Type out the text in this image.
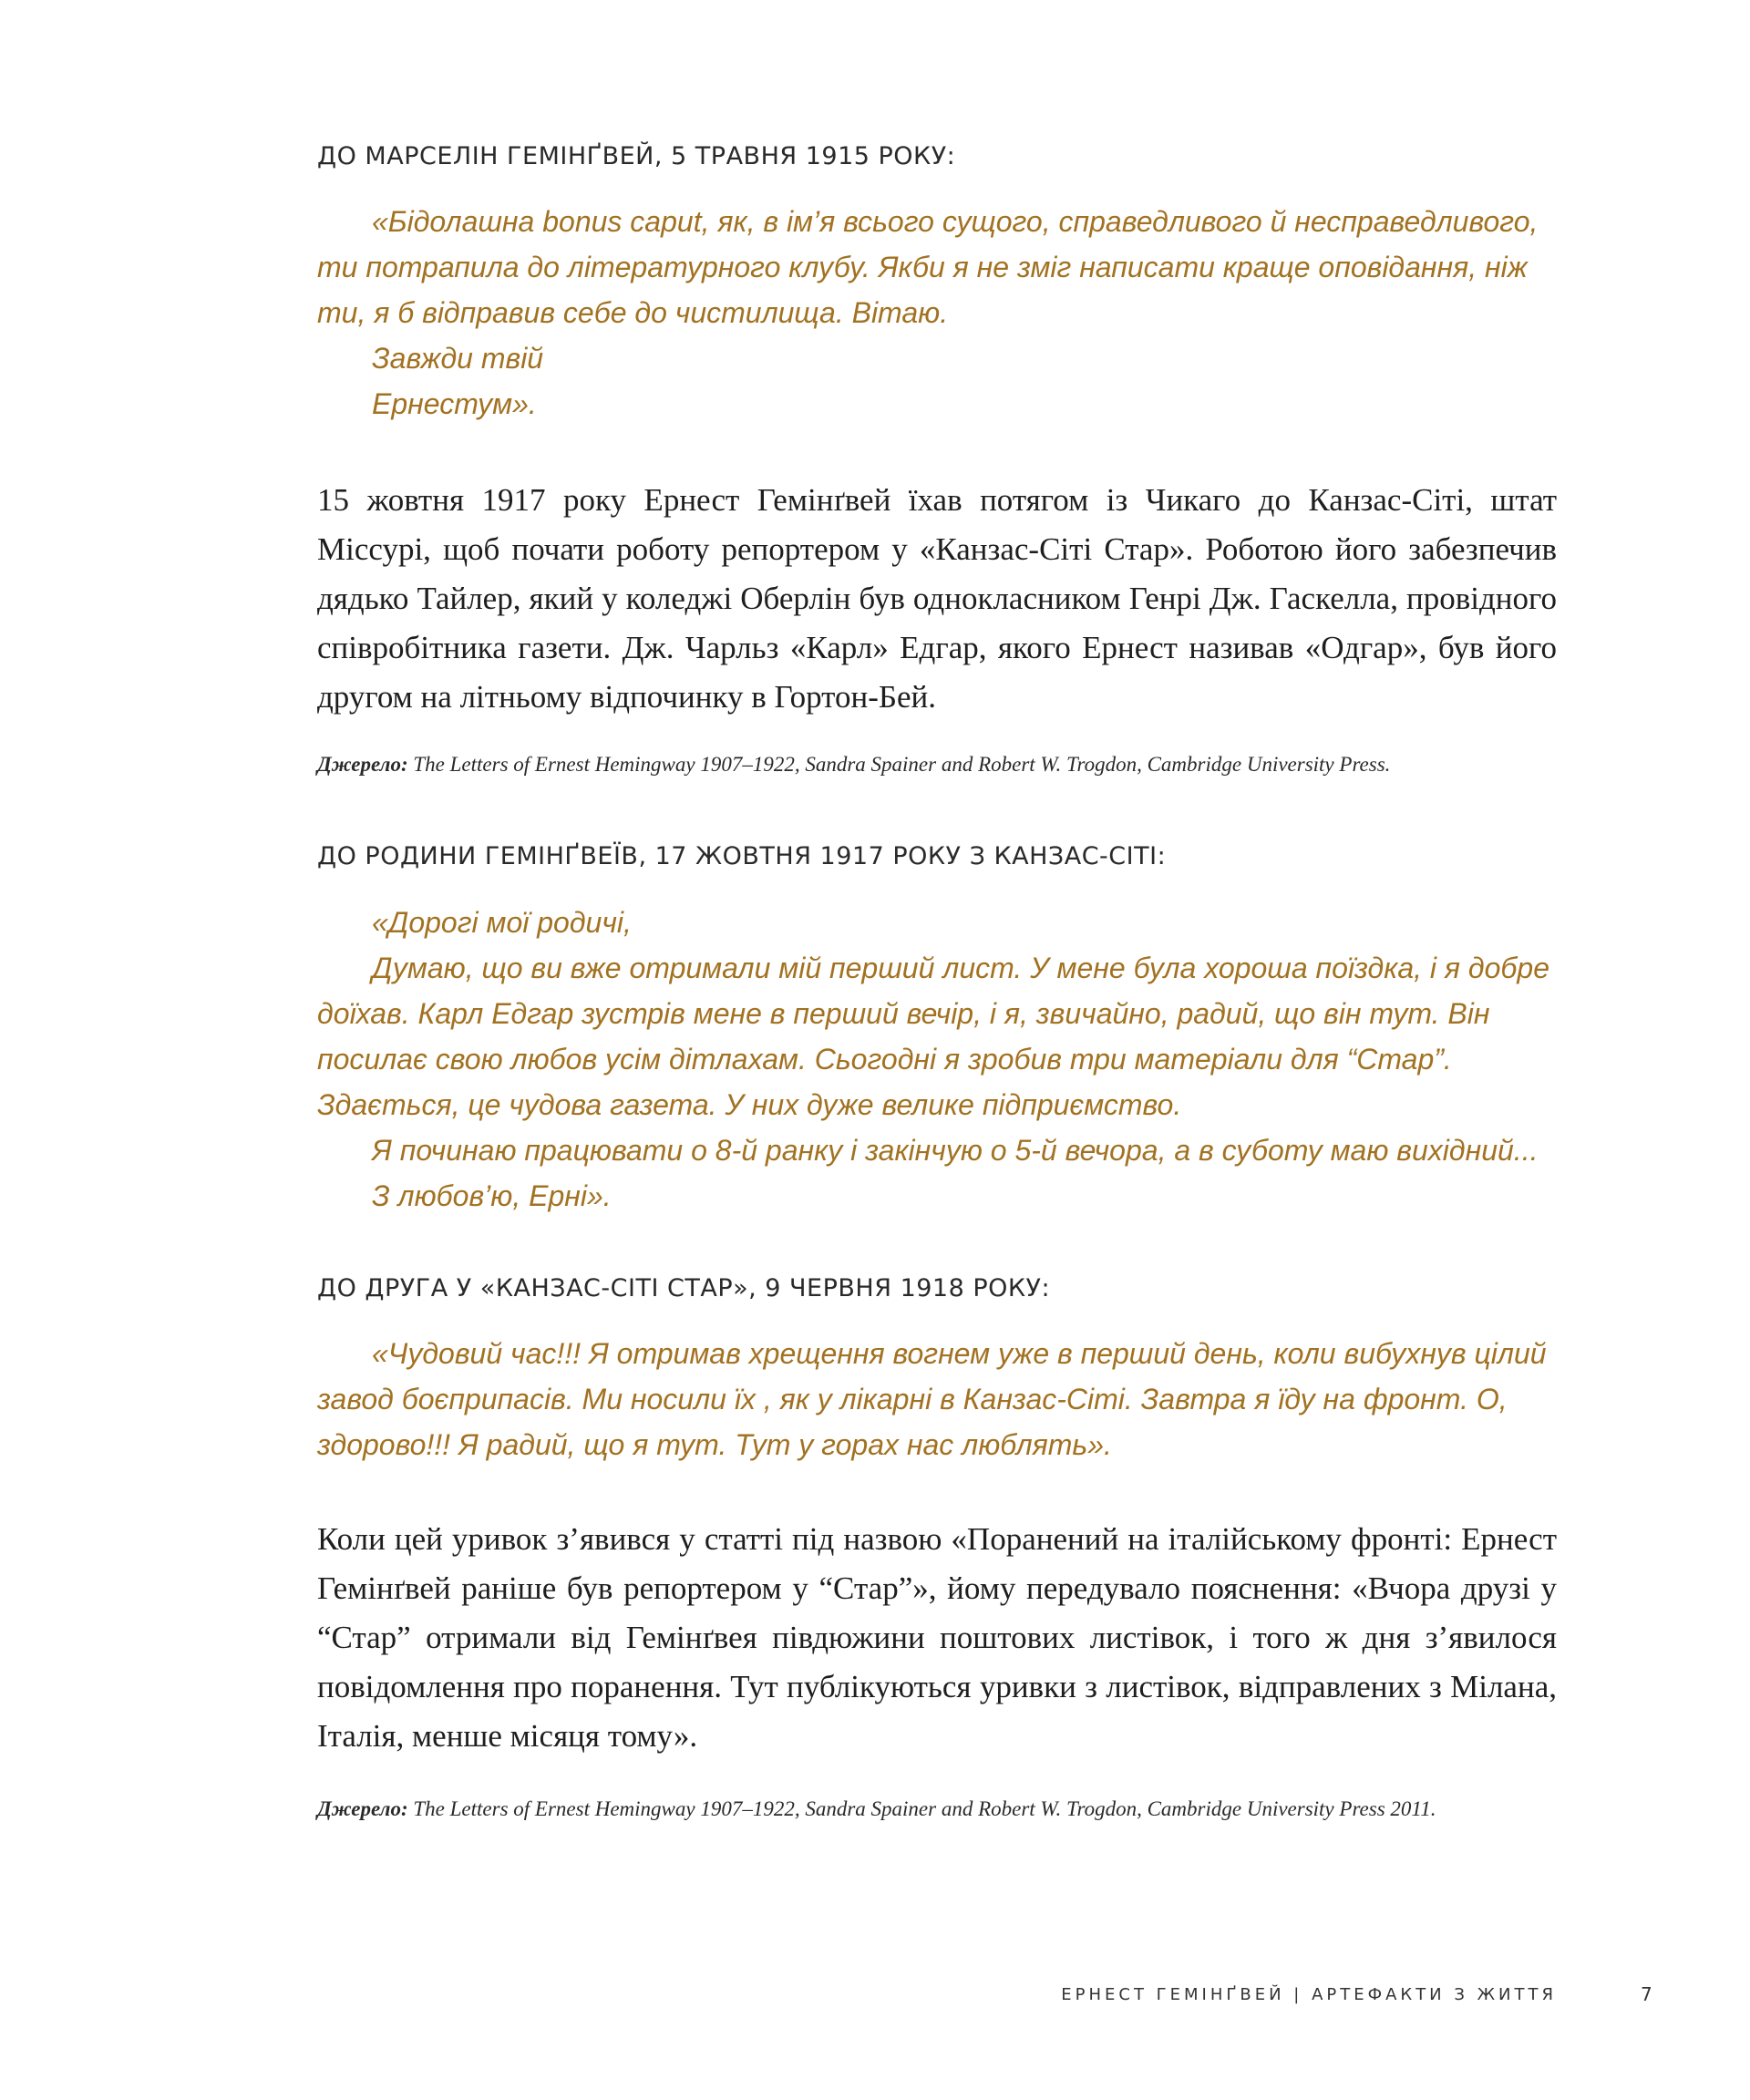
ДО МАРСЕЛІН ГЕМІНҐВЕЙ, 5 ТРАВНЯ 1915 РОКУ:

«Бідолашна bonus caput, як, в ім’я всього сущого, справедливого й несправедливого, ти потрапила до літературного клубу. Якби я не зміг написати краще оповідання, ніж ти, я б відправив себе до чистилища. Вітаю.

Завжди твій

Ернестум».

15 жовтня 1917 року Ернест Гемінґвей їхав потягом із Чикаго до Канзас-Сіті, штат Міссурі, щоб почати роботу репортером у «Канзас-Сіті Стар». Роботою його забезпечив дядько Тайлер, який у коледжі Оберлін був однокласником Генрі Дж. Гаскелла, провідного співробітника газети. Дж. Чарльз «Карл» Едгар, якого Ернест називав «Одгар», був його другом на літньому відпочинку в Гортон-Бей.
Джерело: The Letters of Ernest Hemingway 1907–1922, Sandra Spainer and Robert W. Trogdon, Cambridge University Press.
ДО РОДИНИ ГЕМІНҐВЕЇВ, 17 ЖОВТНЯ 1917 РОКУ З КАНЗАС-СІТІ:

«Дорогі мої родичі,

Думаю, що ви вже отримали мій перший лист. У мене була хороша поїздка, і я добре доїхав. Карл Едгар зустрів мене в перший вечір, і я, звичайно, радий, що він тут. Він посилає свою любов усім дітлахам. Сьогодні я зробив три матеріали для “Стар”. Здається, це чудова газета. У них дуже велике підприємство.

Я починаю працювати о 8-й ранку і закінчую о 5-й вечора, а в суботу маю вихідний...

З любов’ю, Ерні».

ДО ДРУГА У «КАНЗАС-СІТІ СТАР», 9 ЧЕРВНЯ 1918 РОКУ:

«Чудовий час!!! Я отримав хрещення вогнем уже в перший день, коли вибухнув цілий завод боєприпасів. Ми носили їх , як у лікарні в Канзас-Сіті. Завтра я їду на фронт. О, здорово!!! Я радий, що я тут. Тут у горах нас люблять».

Коли цей уривок з’явився у статті під назвою «Поранений на італійському фронті: Ернест Гемінґвей раніше був репортером у “Стар”», йому передувало пояснення: «Вчора друзі у “Стар” отримали від Гемінґвея півдюжини поштових листівок, і того ж дня з’явилося повідомлення про поранення. Тут публікуються уривки з листівок, відправлених з Мілана, Італія, менше місяця тому».
Джерело: The Letters of Ernest Hemingway 1907–1922, Sandra Spainer and Robert W. Trogdon, Cambridge University Press 2011.
ЕРНЕСТ ГЕМІНҐВЕЙ | АРТЕФАКТИ З ЖИТТЯ	7
